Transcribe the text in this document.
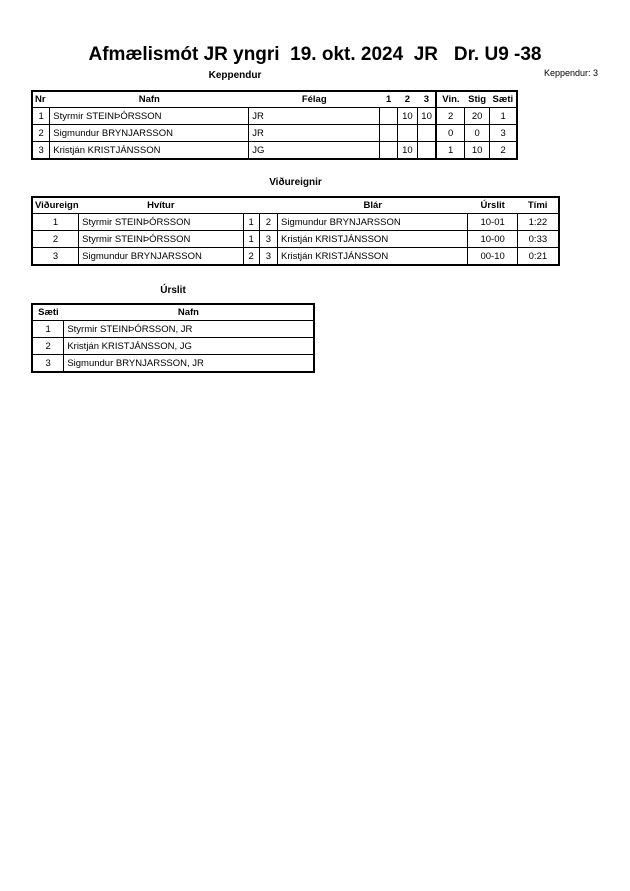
Afmælismót JR yngri  19. okt. 2024  JR   Dr. U9 -38
Keppendur: 3
Keppendur
Nr	Nafn	Félag	1	2	3	Vin.	Stig	Sæti
1	Styrmir STEINÞÓRSSON	JR		10	10	2	20	1
2	Sigmundur BRYNJARSSON	JR				0	0	3
3	Kristján KRISTJÁNSSON	JG		10		1	10	2
Viðureignir
Viðureign	Hvítur			Blár	Úrslit	Tími
1	Styrmir STEINÞÓRSSON	1	2	Sigmundur BRYNJARSSON	10-01	1:22
2	Styrmir STEINÞÓRSSON	1	3	Kristján KRISTJÁNSSON	10-00	0:33
3	Sigmundur BRYNJARSSON	2	3	Kristján KRISTJÁNSSON	00-10	0:21
Úrslit
Sæti	Nafn
1	Styrmir STEINÞÓRSSON, JR
2	Kristján KRISTJÁNSSON, JG
3	Sigmundur BRYNJARSSON, JR
